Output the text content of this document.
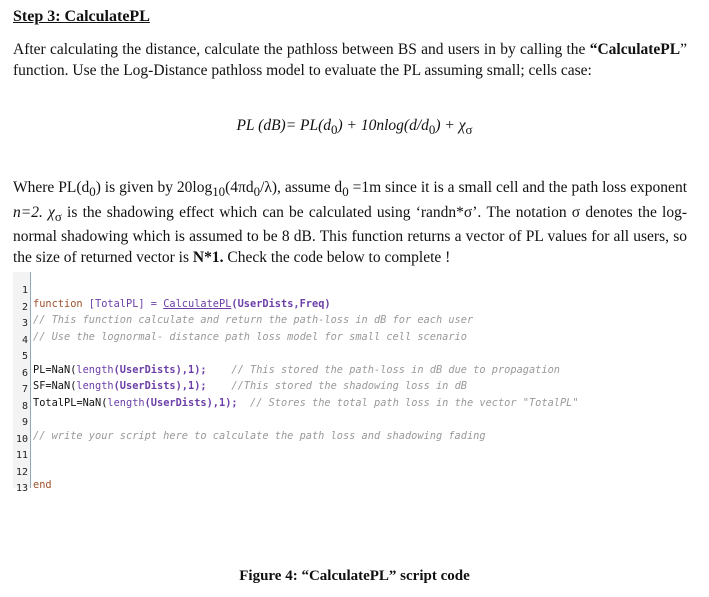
Step 3: CalculatePL
After calculating the distance, calculate the pathloss between BS and users in by calling the “CalculatePL” function. Use the Log-Distance pathloss model to evaluate the PL assuming small; cells case:
PL $(dB)= PL(d_0) + 10nlog(d/d_0) + \chi_\sigma$
Where $PL(d_0)$ is given by $20\log_{10}(4\pi d_0/\lambda)$, assume $d_0 =1m$ since it is a small cell and the path loss exponent n=2. $\chi_\sigma$ is the shadowing effect which can be calculated using ‘randn*σ’. The notation σ denotes the log-normal shadowing which is assumed to be 8 dB. This function returns a vector of PL values for all users, so the size of returned vector is N*1. Check the code below to complete !

1

function [TotalPL] = CalculatePL(UserDists,Freq)

2

// This function calculate and return the path-loss in dB for each user

3

// Use the lognormal- distance path loss model for small cell scenario

4

5

PL=NaN(length(UserDists),1);    // This stored the path-loss in dB due to propagation

6

SF=NaN(length(UserDists),1);    //This stored the shadowing loss in dB

7

TotalPL=NaN(length(UserDists),1);  // Stores the total path loss in the vector "TotalPL"

8

9

// write your script here to calculate the path loss and shadowing fading

10

11

12

end

13

Figure 4: “CalculatePL” script code
